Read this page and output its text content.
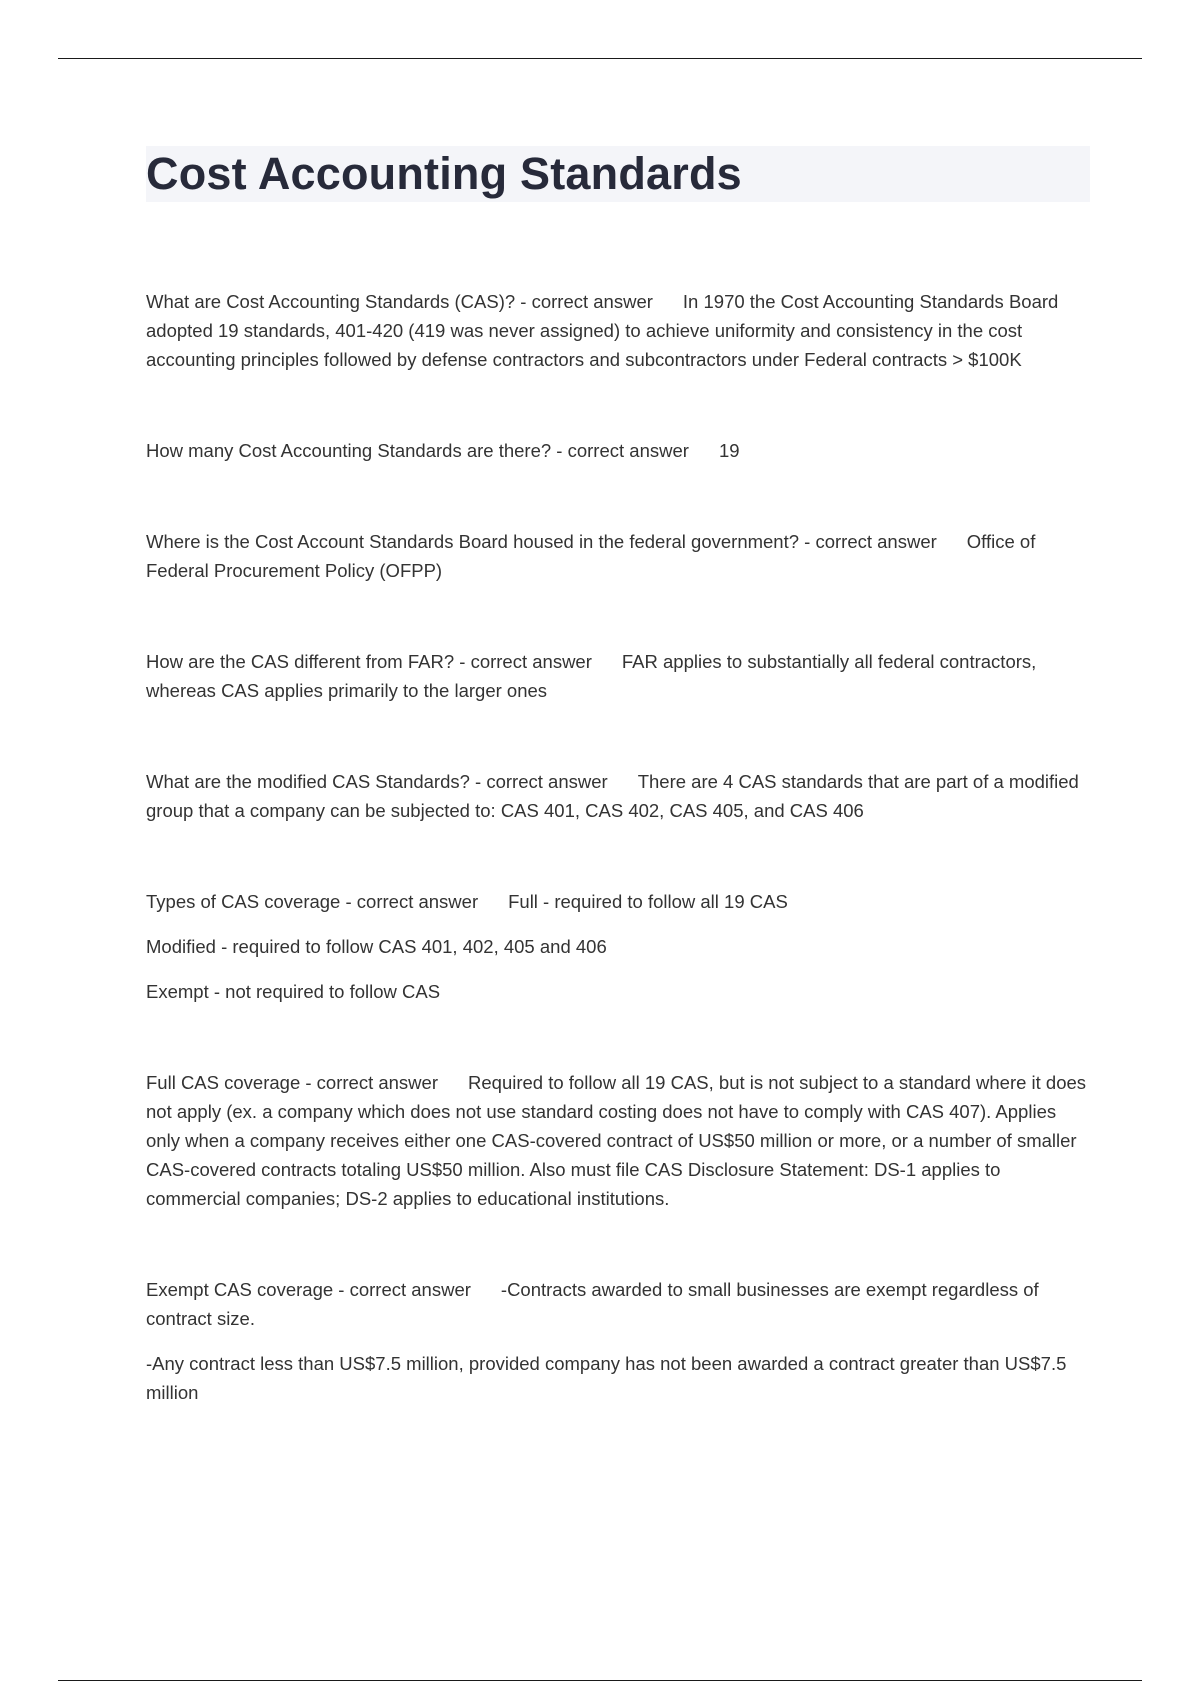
Cost Accounting Standards

What are Cost Accounting Standards (CAS)? - correct answer In 1970 the Cost Accounting Standards Board adopted 19 standards, 401-420 (419 was never assigned) to achieve uniformity and consistency in the cost accounting principles followed by defense contractors and subcontractors under Federal contracts > $100K

How many Cost Accounting Standards are there? - correct answer 19

Where is the Cost Account Standards Board housed in the federal government? - correct answer Office of Federal Procurement Policy (OFPP)

How are the CAS different from FAR? - correct answer FAR applies to substantially all federal contractors, whereas CAS applies primarily to the larger ones

What are the modified CAS Standards? - correct answer There are 4 CAS standards that are part of a modified group that a company can be subjected to: CAS 401, CAS 402, CAS 405, and CAS 406

Types of CAS coverage - correct answer Full - required to follow all 19 CAS

Modified - required to follow CAS 401, 402, 405 and 406

Exempt - not required to follow CAS

Full CAS coverage - correct answer Required to follow all 19 CAS, but is not subject to a standard where it does not apply (ex. a company which does not use standard costing does not have to comply with CAS 407). Applies only when a company receives either one CAS-covered contract of US$50 million or more, or a number of smaller CAS-covered contracts totaling US$50 million. Also must file CAS Disclosure Statement: DS-1 applies to commercial companies; DS-2 applies to educational institutions.

Exempt CAS coverage - correct answer -Contracts awarded to small businesses are exempt regardless of contract size.

-Any contract less than US$7.5 million, provided company has not been awarded a contract greater than US$7.5 million
